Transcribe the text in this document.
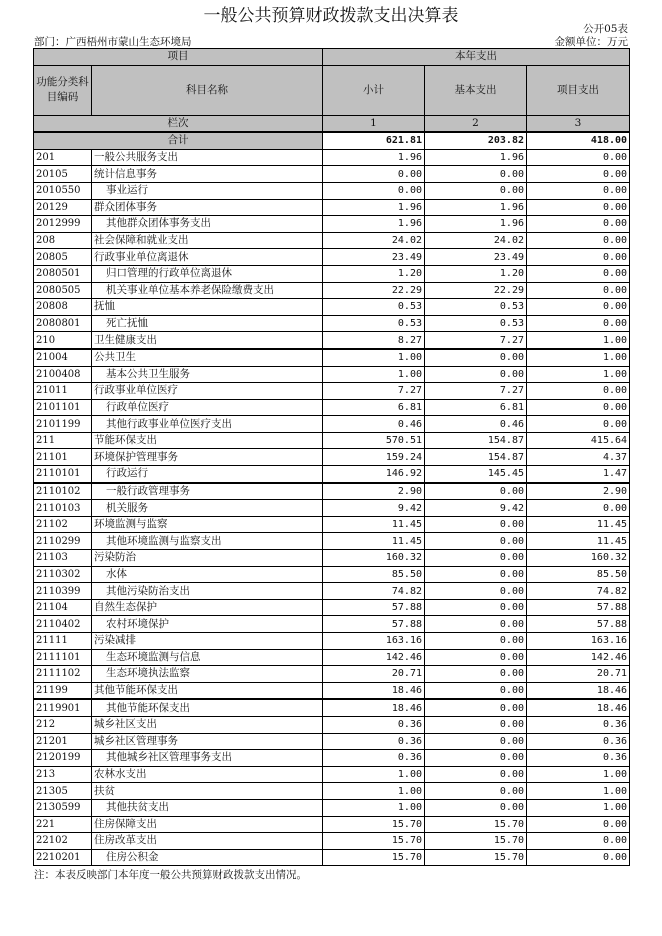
一般公共预算财政拨款支出决算表
公开05表
部门：广西梧州市蒙山生态环境局	金额单位：万元
项目		本年支出		
功能分类科目编码	科目名称	小计	基本支出	项目支出
栏次		1	2	3
合计		621.81	203.82	418.00
201	一般公共服务支出	1.96	1.96	0.00
20105	统计信息事务	0.00	0.00	0.00
2010550	事业运行	0.00	0.00	0.00
20129	群众团体事务	1.96	1.96	0.00
2012999	其他群众团体事务支出	1.96	1.96	0.00
208	社会保障和就业支出	24.02	24.02	0.00
20805	行政事业单位离退休	23.49	23.49	0.00
2080501	归口管理的行政单位离退休	1.20	1.20	0.00
2080505	机关事业单位基本养老保险缴费支出	22.29	22.29	0.00
20808	抚恤	0.53	0.53	0.00
2080801	死亡抚恤	0.53	0.53	0.00
210	卫生健康支出	8.27	7.27	1.00
21004	公共卫生	1.00	0.00	1.00
2100408	基本公共卫生服务	1.00	0.00	1.00
21011	行政事业单位医疗	7.27	7.27	0.00
2101101	行政单位医疗	6.81	6.81	0.00
2101199	其他行政事业单位医疗支出	0.46	0.46	0.00
211	节能环保支出	570.51	154.87	415.64
21101	环境保护管理事务	159.24	154.87	4.37
2110101	行政运行	146.92	145.45	1.47
2110102	一般行政管理事务	2.90	0.00	2.90
2110103	机关服务	9.42	9.42	0.00
21102	环境监测与监察	11.45	0.00	11.45
2110299	其他环境监测与监察支出	11.45	0.00	11.45
21103	污染防治	160.32	0.00	160.32
2110302	水体	85.50	0.00	85.50
2110399	其他污染防治支出	74.82	0.00	74.82
21104	自然生态保护	57.88	0.00	57.88
2110402	农村环境保护	57.88	0.00	57.88
21111	污染减排	163.16	0.00	163.16
2111101	生态环境监测与信息	142.46	0.00	142.46
2111102	生态环境执法监察	20.71	0.00	20.71
21199	其他节能环保支出	18.46	0.00	18.46
2119901	其他节能环保支出	18.46	0.00	18.46
212	城乡社区支出	0.36	0.00	0.36
21201	城乡社区管理事务	0.36	0.00	0.36
2120199	其他城乡社区管理事务支出	0.36	0.00	0.36
213	农林水支出	1.00	0.00	1.00
21305	扶贫	1.00	0.00	1.00
2130599	其他扶贫支出	1.00	0.00	1.00
221	住房保障支出	15.70	15.70	0.00
22102	住房改革支出	15.70	15.70	0.00
2210201	住房公积金	15.70	15.70	0.00
注：本表反映部门本年度一般公共预算财政拨款支出情况。
